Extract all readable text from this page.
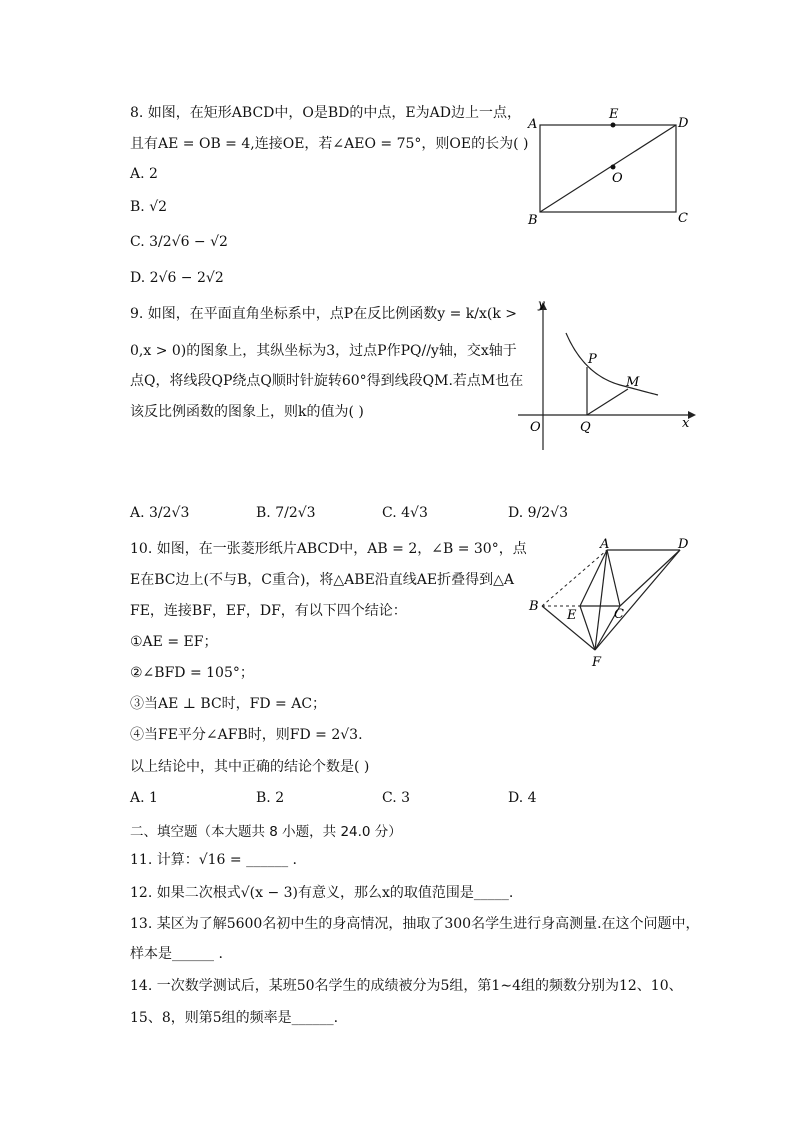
8. 如图，在矩形ABCD中，O是BD的中点，E为AD边上一点，
且有AE = OB = 4,连接OE，若∠AEO = 75°，则OE的长为( )
A. 2
B. √2
C. 3/2√6 − √2
D. 2√6 − 2√2
A
E
D
O
B	C
9. 如图，在平面直角坐标系中，点P在反比例函数y = k/x(k >
0,x > 0)的图象上，其纵坐标为3，过点P作PQ//y轴，交x轴于
点Q，将线段QP绕点Q顺时针旋转60°得到线段QM.若点M也在
该反比例函数的图象上，则k的值为( )
y
x
O
P
Q
M
A. 3/2√3	B. 7/2√3	C. 4√3	D. 9/2√3
10. 如图，在一张菱形纸片ABCD中，AB = 2，∠B = 30°，点
E在BC边上(不与B，C重合)，将△ABE沿直线AE折叠得到△A
FE，连接BF，EF，DF，有以下四个结论：
①AE = EF；
②∠BFD = 105°；
③当AE ⊥ BC时，FD = AC；
④当FE平分∠AFB时，则FD = 2√3.
以上结论中，其中正确的结论个数是( )
A	D
B
E	C
F
A. 1	B. 2	C. 3	D. 4
二、填空题（本大题共 8 小题，共 24.0 分）
11. 计算：√16 = ______ .
12. 如果二次根式√(x − 3)有意义，那么x的取值范围是_____.
13. 某区为了解5600名初中生的身高情况，抽取了300名学生进行身高测量.在这个问题中，
样本是______ .
14. 一次数学测试后，某班50名学生的成绩被分为5组，第1∼4组的频数分别为12、10、
15、8，则第5组的频率是______.
